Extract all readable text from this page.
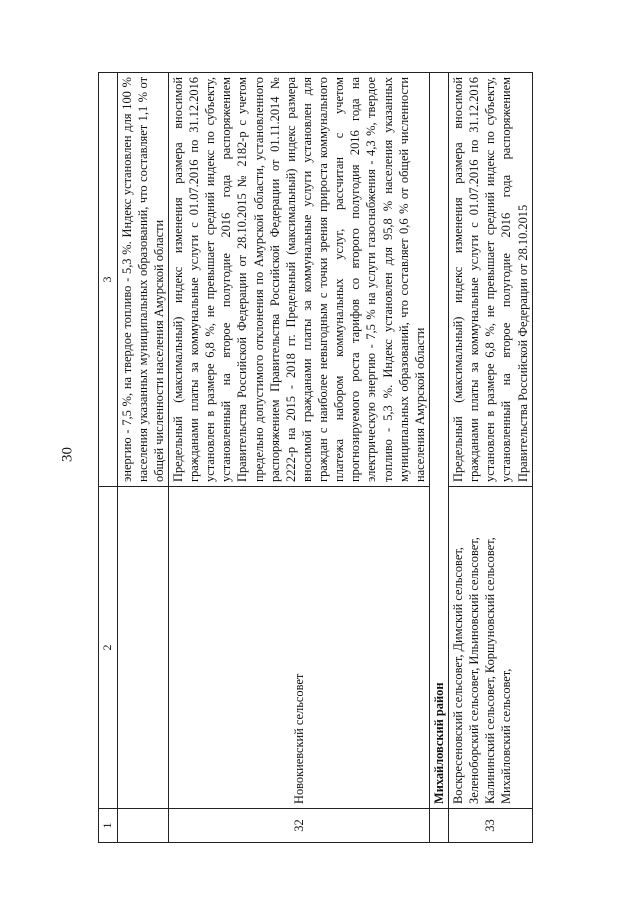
30
1	2	3

		энергию - 7,5 %, на твердое топливо - 5,3 %. Индекс установлен для 100 % населения указанных муниципальных образований, что составляет 1,1 % от общей численности населения Амурской области

32	Новокиевский сельсовет	Предельный (максимальный) индекс изменения размера вносимой гражданами платы за коммунальные услуги с 01.07.2016 по 31.12.2016 установлен в размере 6,8 %, не превышает средний индекс по субъекту, установленный на второе полугодие 2016 года распоряжением Правительства Российской Федерации от 28.10.2015 № 2182-р с учетом предельно допустимого отклонения по Амурской области, установленного распоряжением Правительства Российской Федерации от 01.11.2014 № 2222-р на 2015 - 2018 гг. Предельный (максимальный) индекс размера вносимой гражданами платы за коммунальные услуги установлен для граждан с наиболее невыгодным с точки зрения прироста коммунального платежа набором коммунальных услуг, рассчитан с учетом прогнозируемого роста тарифов со второго полугодия 2016 года на электрическую энергию - 7,5 % на услуги газоснабжения - 4,3 %, твердое топливо - 5,3 %. Индекс установлен для 95,8 % населения указанных муниципальных образований, что составляет 0,6 % от общей численности населения Амурской области

	Михайловский район	
33	Воскресеновский сельсовет, Димский сельсовет, Зеленоборский сельсовет, Ильиновский сельсовет, Калининский сельсовет, Коршуновский сельсовет, Михайловский сельсовет,	Предельный (максимальный) индекс изменения размера вносимой гражданами платы за коммунальные услуги с 01.07.2016 по 31.12.2016 установлен в размере 6,8 %, не превышает средний индекс по субъекту, установленный на второе полугодие 2016 года распоряжением Правительства Российской Федерации от 28.10.2015
